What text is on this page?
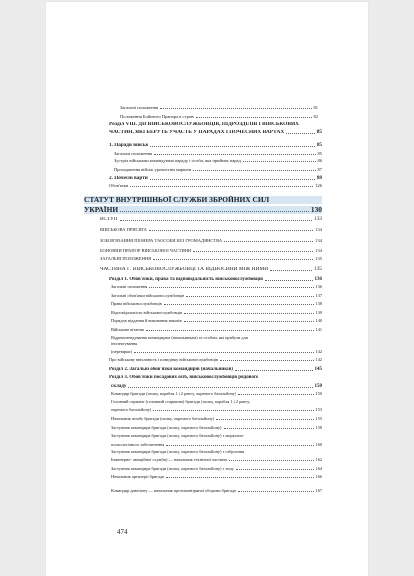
Загальні положення	81
Положення Бойового Прапора в строю	82
Розділ VIII. ДІЇ ВІЙСЬКОВОСЛУЖБОВЦІВ, ПІДРОЗДІЛІВ І ВІЙСЬКОВИХ
ЧАСТИН, ЯКІ БЕРУТЬ УЧАСТЬ У ПАРАДАХ І ПОЧЕСНИХ ВАРТАХ	85
1. Паради військ	85
Загальні положення	85
Зустріч військами командувача параду і особи, яка приймає парад	86
Проходження військ урочистим маршем	87
2. Почесні варти	88
Обов'язки	126
СТАТУТ ВНУТРІШНЬОЇ СЛУЖБИ ЗБРОЙНИХ СИЛ
УКРАЇНИ	130
ВСТУП	133
ВІЙСЬКОВА ПРИСЯГА	134
ЗОБОВ'ЯЗАННЯ ПІОНЕРА ТАОСОБИ БЕЗ ГРОМАДЯНСТВА	134
БОЙОВИЙ ПРАПОР ВІЙСЬКОВОЇ ЧАСТИНИ	134
ЗАГАЛЬНІ ПОЛОЖЕННЯ	135
ЧАСТИНА І . ВІЙСЬКОВОСЛУЖБОВЦІ ТА ВІДНОСИНИ МІЖ НИМИ	135
Розділ 1. Обов'язки, права та відповідальність військовослужбовців	136
Загальні положення	136
Загальні обов'язки військовослужбовців	137
Права військовослужбовців	138
Відповідальність військовослужбовців	139
Порядок віддання й виконання наказів	140
Військове вітання	141
Відрекомендування командирам (начальникам) та особам, які прибули для
інспектування
(перевірки)	142
Про військову ввічливість і поведінку військовослужбовців	142
Розділ 2. Загальні обов'язки командирів (начальників)	145
Розділ 3. Обов'язки посадових осіб, військовослужбовців рядового
складу	150
Командир бригади (полку, корабля 1 і 2 рангу, окремого батальйону)	150
Головний сержант (головний старшина) бригади (полку, корабля 1 і 2 рангу,
окремого батальйону)	153
Начальник штабу бригади (полку, окремого батальйону)	155
Заступник командира бригади (полку, окремого батальйону)	158
Заступник командира бригади (полку, окремого батальйону) з морально-
психологічного забезпечення	160
Заступник командира бригади (полку, окремого батальйону) з озброєння
Інженерно- авіаційної служби) — начальник технічної частини	162
Заступник командира бригади (полку, окремого батальйону) з тилу	164
Начальник артилерії бригади	166
Командир дивізіону — начальник протиповітряної оборони бригади	167
474
